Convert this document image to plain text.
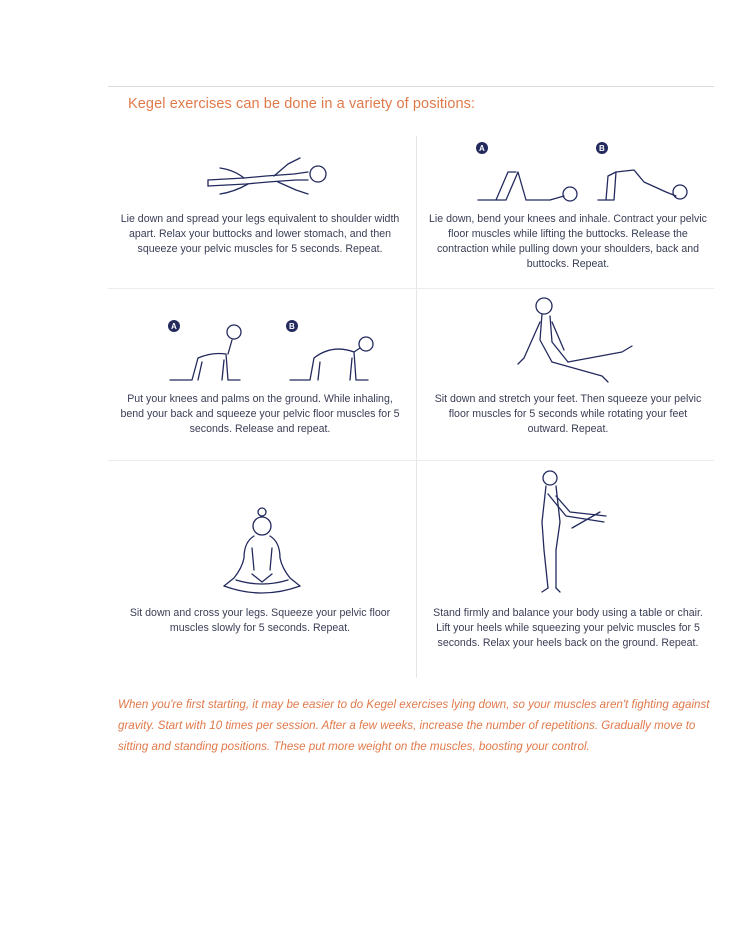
Kegel exercises can be done in a variety of positions:
Lie down and spread your legs equivalent to shoulder width apart. Relax your buttocks and lower stomach, and then squeeze your pelvic muscles for 5 seconds. Repeat.
A	B
Lie down, bend your knees and inhale. Contract your pelvic floor muscles while lifting the buttocks. Release the contraction while pulling down your shoulders, back and buttocks. Repeat.
A	B
Put your knees and palms on the ground. While inhaling, bend your back and squeeze your pelvic floor muscles for 5 seconds. Release and repeat.
Sit down and stretch your feet. Then squeeze your pelvic floor muscles for 5 seconds while rotating your feet outward. Repeat.
Sit down and cross your legs. Squeeze your pelvic floor muscles slowly for 5 seconds. Repeat.
Stand firmly and balance your body using a table or chair. Lift your heels while squeezing your pelvic muscles for 5 seconds. Relax your heels back on the ground. Repeat.
When you're first starting, it may be easier to do Kegel exercises lying down, so your muscles aren't fighting against gravity. Start with 10 times per session. After a few weeks, increase the number of repetitions. Gradually move to sitting and standing positions. These put more weight on the muscles, boosting your control.
